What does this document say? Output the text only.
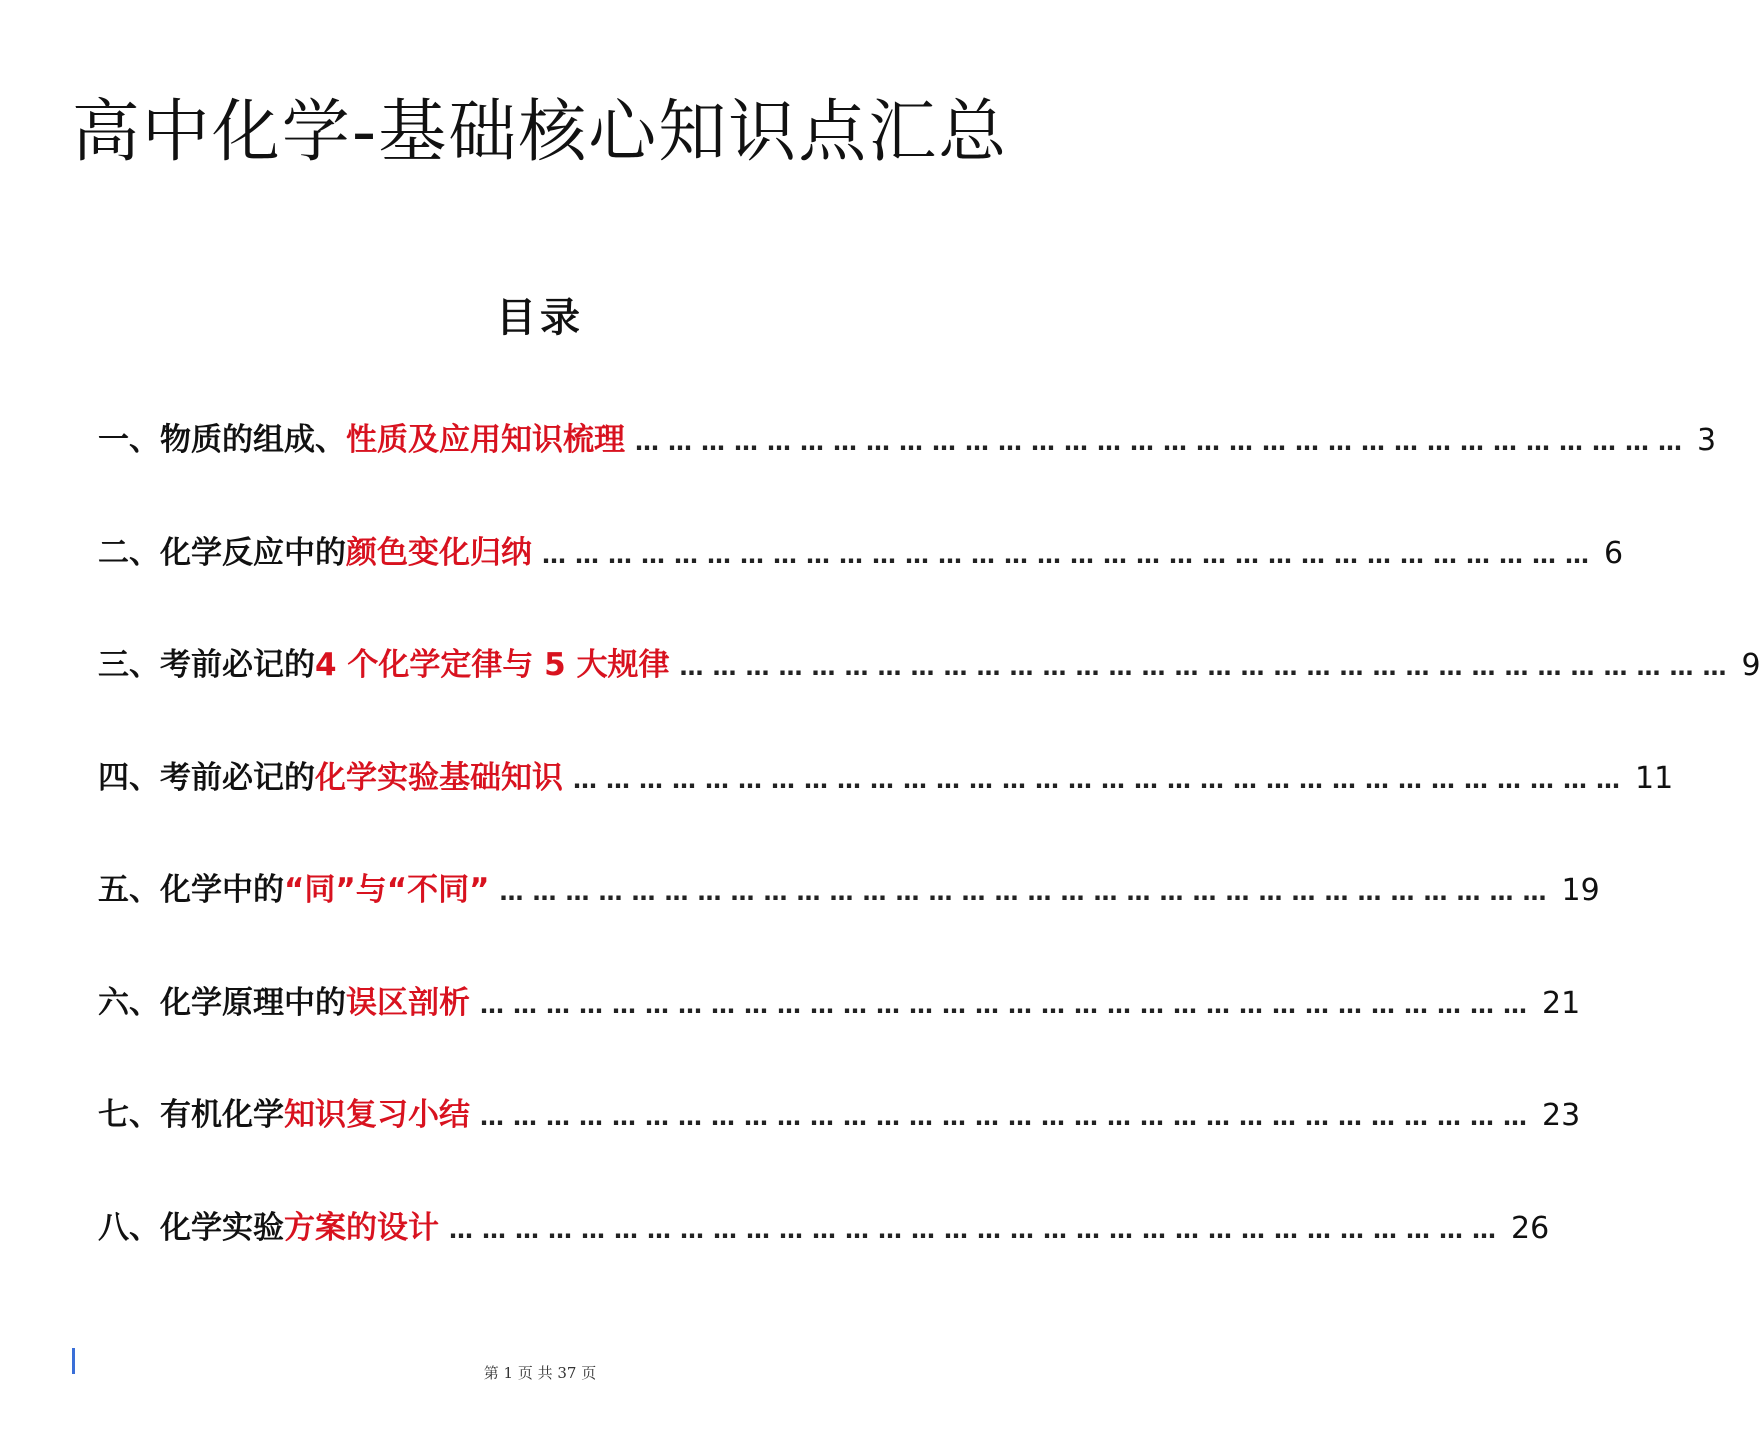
高中化学-基础核心知识点汇总
目录
一、 物质的组成、 性质及应用知识梳理 …………………………………………………………………………………… 3
二、 化学反应中的 颜色变化归纳 …………………………………………………………………………………… 6
三、 考前必记的 4 个化学定律与 5 大规律 …………………………………………………………………………………… 9
四、 考前必记的 化学实验基础知识 …………………………………………………………………………………… 11
五、 化学中的 “同”与“不同” …………………………………………………………………………………… 19
六、 化学原理中的 误区剖析 …………………………………………………………………………………… 21
七、 有机化学 知识复习小结 …………………………………………………………………………………… 23
八、 化学实验 方案的设计 …………………………………………………………………………………… 26
第 1 页 共 37 页
